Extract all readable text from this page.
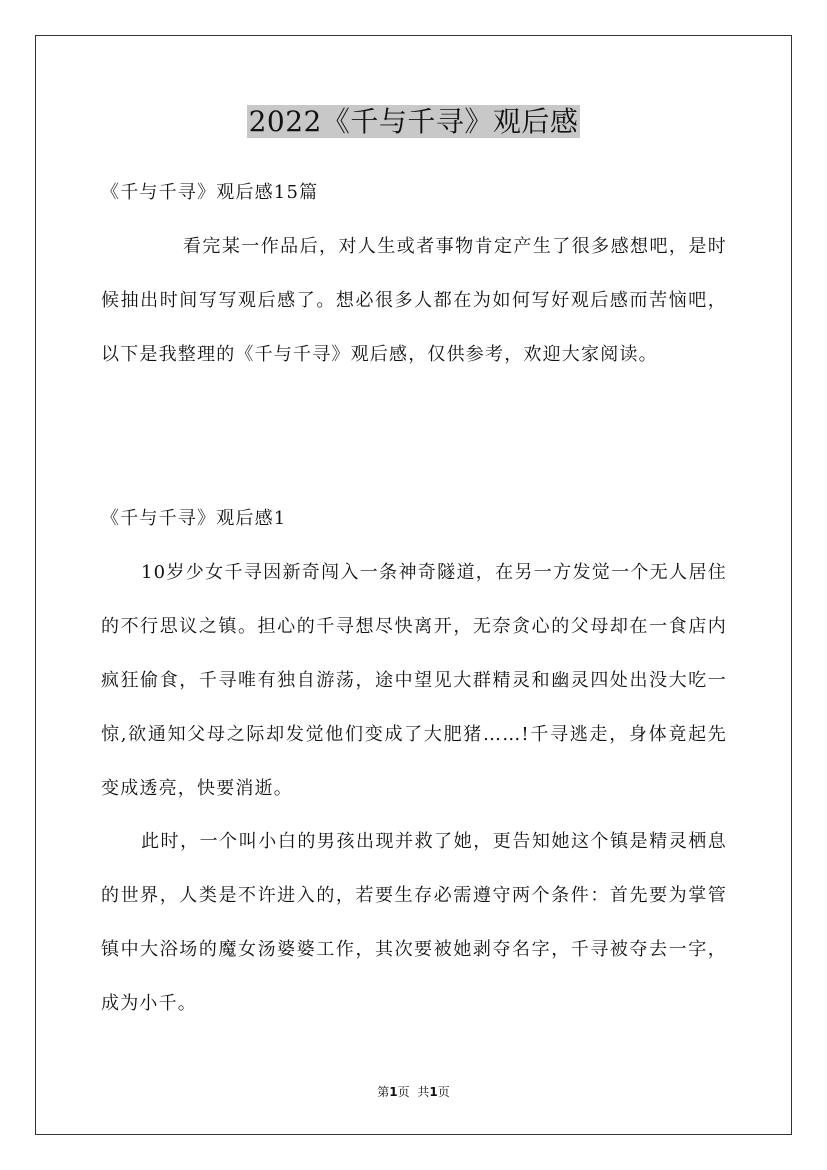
2022《千与千寻》观后感

《千与千寻》观后感15篇

看完某一作品后，对人生或者事物肯定产生了很多感想吧，是时候抽出时间写写观后感了。想必很多人都在为如何写好观后感而苦恼吧，以下是我整理的《千与千寻》观后感，仅供参考，欢迎大家阅读。

《千与千寻》观后感1

10岁少女千寻因新奇闯入一条神奇隧道，在另一方发觉一个无人居住的不行思议之镇。担心的千寻想尽快离开，无奈贪心的父母却在一食店内疯狂偷食，千寻唯有独自游荡，途中望见大群精灵和幽灵四处出没大吃一惊,欲通知父母之际却发觉他们变成了大肥猪……!千寻逃走，身体竟起先变成透亮，快要消逝。

此时，一个叫小白的男孩出现并救了她，更告知她这个镇是精灵栖息的世界，人类是不许进入的，若要生存必需遵守两个条件：首先要为掌管镇中大浴场的魔女汤婆婆工作，其次要被她剥夺名字，千寻被夺去一字，成为小千。

第1页 共1页
